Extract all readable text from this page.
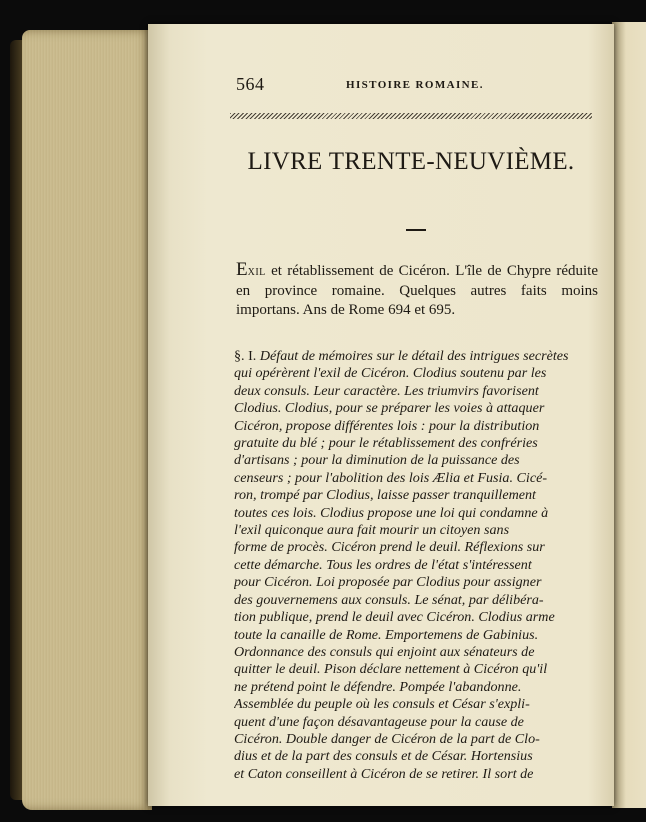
564	HISTOIRE ROMAINE.
LIVRE TRENTE-NEUVIÈME.
EXIL et rétablissement de Cicéron. L'île de Chypre réduite en province romaine. Quelques autres faits moins importans. Ans de Rome 694 et 695.
§. I. Défaut de mémoires sur le détail des intrigues secrètes
qui opérèrent l'exil de Cicéron. Clodius soutenu par les
deux consuls. Leur caractère. Les triumvirs favorisent
Clodius. Clodius, pour se préparer les voies à attaquer
Cicéron, propose différentes lois : pour la distribution
gratuite du blé ; pour le rétablissement des confréries
d'artisans ; pour la diminution de la puissance des
censeurs ; pour l'abolition des lois Ælia et Fusia. Cicé-
ron, trompé par Clodius, laisse passer tranquillement
toutes ces lois. Clodius propose une loi qui condamne à
l'exil quiconque aura fait mourir un citoyen sans
forme de procès. Cicéron prend le deuil. Réflexions sur
cette démarche. Tous les ordres de l'état s'intéressent
pour Cicéron. Loi proposée par Clodius pour assigner
des gouvernemens aux consuls. Le sénat, par délibéra-
tion publique, prend le deuil avec Cicéron. Clodius arme
toute la canaille de Rome. Emportemens de Gabinius.
Ordonnance des consuls qui enjoint aux sénateurs de
quitter le deuil. Pison déclare nettement à Cicéron qu'il
ne prétend point le défendre. Pompée l'abandonne.
Assemblée du peuple où les consuls et César s'expli-
quent d'une façon désavantageuse pour la cause de
Cicéron. Double danger de Cicéron de la part de Clo-
dius et de la part des consuls et de César. Hortensius
et Caton conseillent à Cicéron de se retirer. Il sort de
